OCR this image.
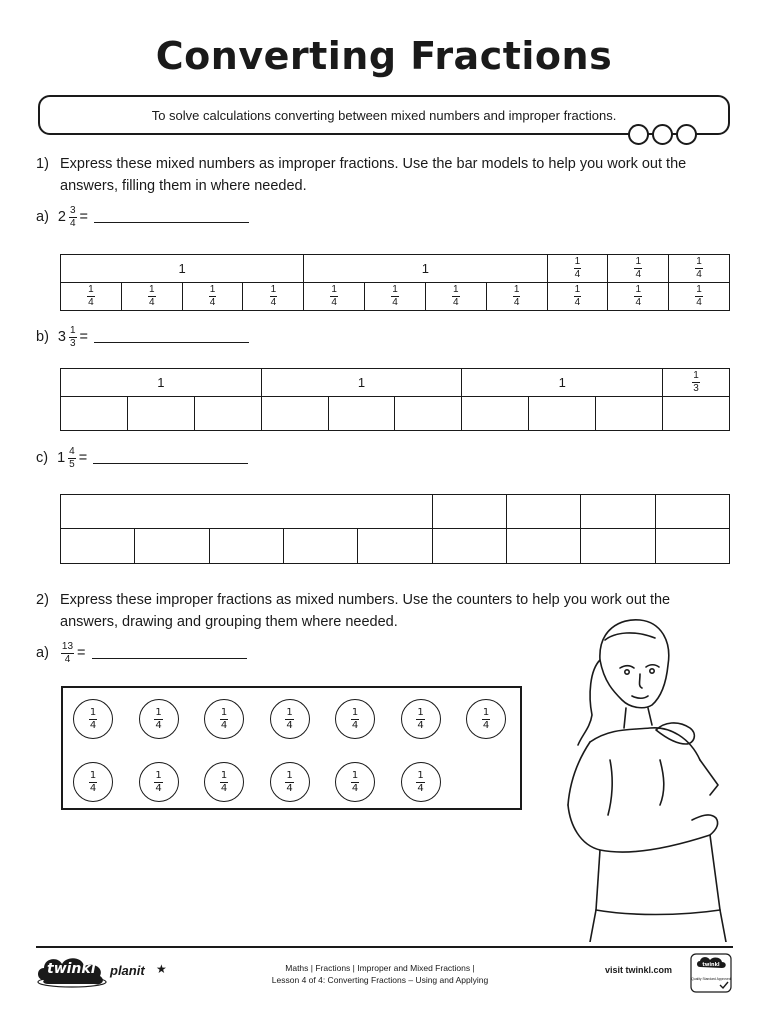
Converting Fractions
To solve calculations converting between mixed numbers and improper fractions.
1) Express these mixed numbers as improper fractions. Use the bar models to help you work out the answers, filling them in where needed.
a) $2 \frac{3}{4}$ =
1				1				$\frac{1}{4}$	$\frac{1}{4}$	$\frac{1}{4}$

$\frac{1}{4}$	$\frac{1}{4}$	$\frac{1}{4}$	$\frac{1}{4}$	$\frac{1}{4}$	$\frac{1}{4}$	$\frac{1}{4}$	$\frac{1}{4}$	$\frac{1}{4}$	$\frac{1}{4}$	$\frac{1}{4}$
b) $3 \frac{1}{3}$ =
1			1			1			$\frac{1}{3}$

c) $1 \frac{4}{5}$ =

2) Express these improper fractions as mixed numbers. Use the counters to help you work out the answers, drawing and grouping them where needed.
$a) \frac{13}{4}$ =
$\frac{1}{4}$	$\frac{1}{4}$	$\frac{1}{4}$	$\frac{1}{4}$	$\frac{1}{4}$	$\frac{1}{4}$	$\frac{1}{4}$
$\frac{1}{4}$	$\frac{1}{4}$	$\frac{1}{4}$	$\frac{1}{4}$	$\frac{1}{4}$	$\frac{1}{4}$
twinkl planit ★	Maths | Fractions | Improper and Mixed Fractions |
Lesson 4 of 4: Converting Fractions – Using and Applying
visit twinkl.com	twinkl
Quality Standard Approved
